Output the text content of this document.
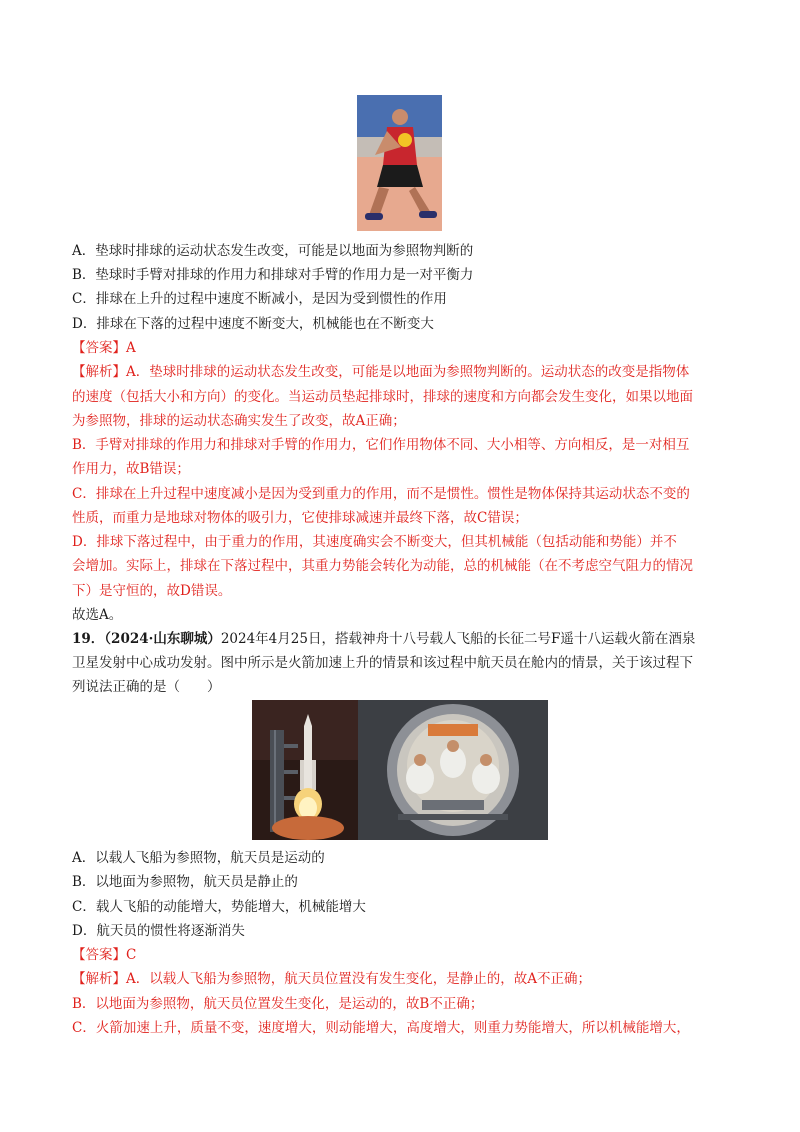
A．垫球时排球的运动状态发生改变，可能是以地面为参照物判断的
B．垫球时手臂对排球的作用力和排球对手臂的作用力是一对平衡力
C．排球在上升的过程中速度不断减小，是因为受到惯性的作用
D．排球在下落的过程中速度不断变大，机械能也在不断变大
【答案】A
【解析】A．垫球时排球的运动状态发生改变，可能是以地面为参照物判断的。运动状态的改变是指物体
的速度（包括大小和方向）的变化。当运动员垫起排球时，排球的速度和方向都会发生变化，如果以地面
为参照物，排球的运动状态确实发生了改变，故A正确；
B．手臂对排球的作用力和排球对手臂的作用力，它们作用物体不同、大小相等、方向相反，是一对相互
作用力，故B错误；
C．排球在上升过程中速度减小是因为受到重力的作用，而不是惯性。惯性是物体保持其运动状态不变的
性质，而重力是地球对物体的吸引力，它使排球减速并最终下落，故C错误；
D．排球下落过程中，由于重力的作用，其速度确实会不断变大，但其机械能（包括动能和势能）并不
会增加。实际上，排球在下落过程中，其重力势能会转化为动能，总的机械能（在不考虑空气阻力的情况
下）是守恒的，故D错误。
故选A。
19．（2024·山东聊城）2024年4月25日，搭载神舟十八号载人飞船的长征二号F遥十八运载火箭在酒泉
卫星发射中心成功发射。图中所示是火箭加速上升的情景和该过程中航天员在舱内的情景，关于该过程下
列说法正确的是（　　）
A．以载人飞船为参照物，航天员是运动的
B．以地面为参照物，航天员是静止的
C．载人飞船的动能增大，势能增大，机械能增大
D．航天员的惯性将逐渐消失
【答案】C
【解析】A．以载人飞船为参照物，航天员位置没有发生变化，是静止的，故A不正确；
B．以地面为参照物，航天员位置发生变化，是运动的，故B不正确；
C．火箭加速上升，质量不变，速度增大，则动能增大，高度增大，则重力势能增大，所以机械能增大，
